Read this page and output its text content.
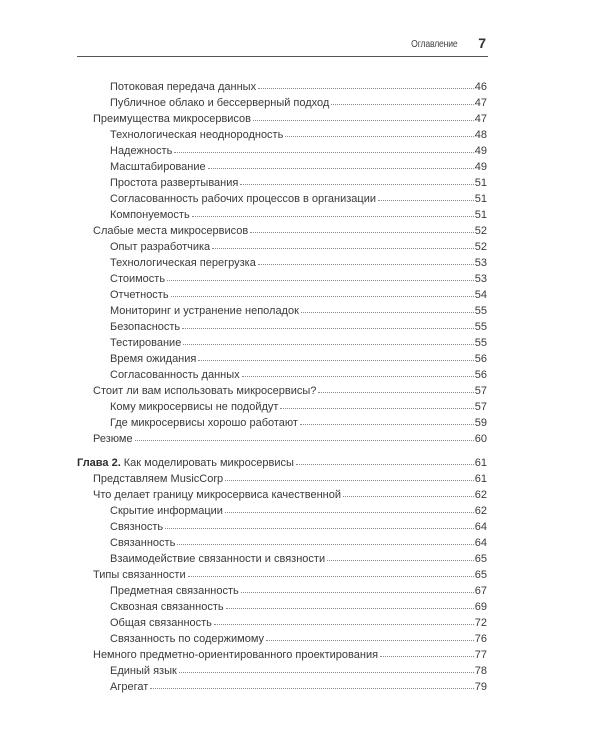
Оглавление 7
Потоковая передача данных	46
Публичное облако и бессерверный подход	47
Преимущества микросервисов	47
Технологическая неоднородность	48
Надежность	49
Масштабирование	49
Простота развертывания	51
Согласованность рабочих процессов в организации	51
Компонуемость	51
Слабые места микросервисов	52
Опыт разработчика	52
Технологическая перегрузка	53
Стоимость	53
Отчетность	54
Мониторинг и устранение неполадок	55
Безопасность	55
Тестирование	55
Время ожидания	56
Согласованность данных	56
Стоит ли вам использовать микросервисы?	57
Кому микросервисы не подойдут	57
Где микросервисы хорошо работают	59
Резюме	60
Глава 2. Как моделировать микросервисы	61
Представляем MusicCorp	61
Что делает границу микросервиса качественной	62
Скрытие информации	62
Связность	64
Связанность	64
Взаимодействие связанности и связности	65
Типы связанности	65
Предметная связанность	67
Сквозная связанность	69
Общая связанность	72
Связанность по содержимому	76
Немного предметно-ориентированного проектирования	77
Единый язык	78
Агрегат	79
